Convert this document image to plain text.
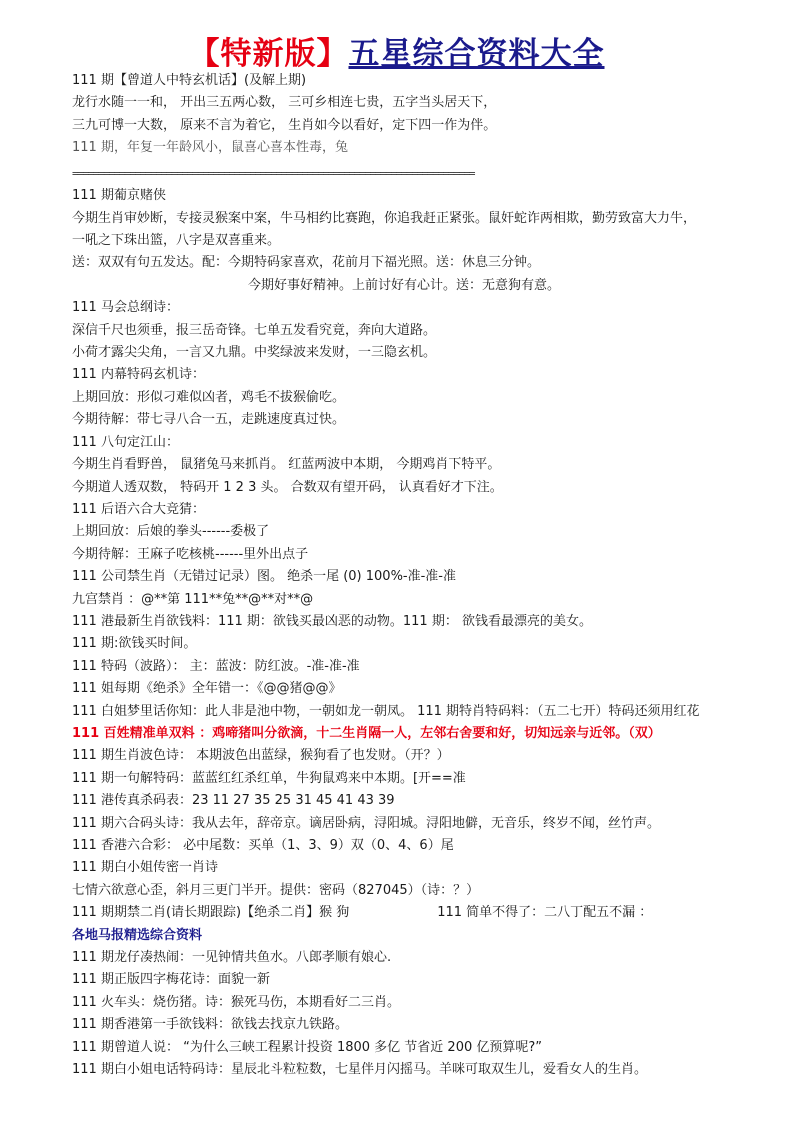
【特新版】五星综合资料大全
111 期【曾道人中特玄机话】(及解上期)
龙行水随一一和， 开出三五两心数， 三可乡相连七贵，五字当头居天下，
三九可博一大数， 原来不言为着它， 生肖如今以看好，定下四一作为伴。
111 期，年复一年龄风小，鼠喜心喜本性毒，兔
=============================================================================
111 期葡京赌侠
今期生肖审妙断，专接灵猴案中案，牛马相约比赛跑，你追我赶正紧张。鼠奸蛇诈两相欺，勤劳致富大力牛，
一吼之下珠出篮，八字是双喜重来。
送：双双有句五发达。配：今期特码家喜欢，花前月下福光照。送：休息三分钟。
今期好事好精神。上前讨好有心计。送：无意狗有意。
111 马会总纲诗：
深信千尺也须垂，报三岳奇锋。七单五发看究竟，奔向大道路。
小荷才露尖尖角，一言又九鼎。中奖绿波来发财，一三隐玄机。
111 内幕特码玄机诗：
上期回放：形似刁难似凶者，鸡毛不拔猴偷吃。
今期待解：带七寻八合一五，走跳速度真过快。
111 八句定江山：
今期生肖看野兽， 鼠猪兔马来抓肖。 红蓝两波中本期， 今期鸡肖下特平。
今期道人透双数， 特码开 1 2 3 头。 合数双有望开码， 认真看好才下注。
111 后语六合大竞猜：
上期回放：后娘的拳头------委极了
今期待解：王麻子吃核桃------里外出点子
111 公司禁生肖（无错过记录）图。 绝杀一尾 (0) 100%-准-准-准
九宫禁肖 ：@**第 111**兔**@**对**@
111 港最新生肖欲钱料：111 期：欲钱买最凶恶的动物。111 期： 欲钱看最漂亮的美女。
111 期:欲钱买时间。
111 特码（波路）： 主：蓝波：防红波。-准-准-准
111 姐每期《绝杀》全年错一：《@@猪@@》
111 白姐梦里话你知：此人非是池中物，一朝如龙一朝凤。 111 期特肖特码料：（五二七开）特码还须用红花
111 百姓精准单双料 ：鸡啼猪叫分欲滴，十二生肖隔一人，左邻右舍要和好，切知远亲与近邻。（双）
111 期生肖波色诗： 本期波色出蓝绿，猴狗看了也发财。（开？）
111 期一句解特码：蓝蓝红红杀红单，牛狗鼠鸡来中本期。[开==准
111 港传真杀码表：23 11 27 35 25 31 45 41 43 39
111 期六合码头诗：我从去年，辞帝京。谪居卧病，浔阳城。浔阳地僻，无音乐，终岁不闻，丝竹声。
111 香港六合彩： 必中尾数：买单（1、3、9）双（0、4、6）尾
111 期白小姐传密一肖诗
七情六欲意心歪，斜月三更门半开。提供：密码（827045）（诗：？）
111 期期禁二肖(请长期跟踪)【绝杀二肖】猴 狗	111 简单不得了：二八丁配五不漏 ：
各地马报精选综合资料
111 期龙仔凑热闹：一见钟情共鱼水。八郎孝顺有娘心.
111 期正版四字梅花诗：面貌一新
111 火车头：烧伤猪。诗：猴死马伤，本期看好二三肖。
111 期香港第一手欲钱料：欲钱去找京九铁路。
111 期曾道人说： “为什么三峡工程累计投资 1800 多亿 节省近 200 亿预算呢?”
111 期白小姐电话特码诗：星辰北斗粒粒数，七星伴月闪摇马。羊咪可取双生儿，爱看女人的生肖。
